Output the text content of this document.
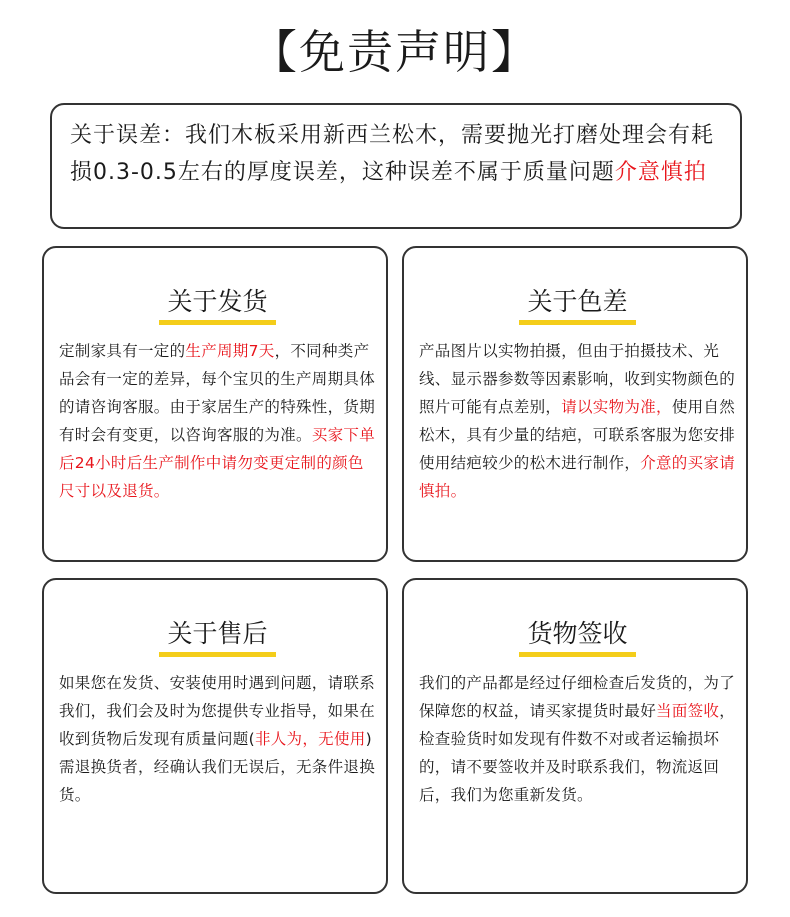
【免责声明】

关于误差：我们木板采用新西兰松木，需要抛光打磨处理会有耗损0.3-0.5左右的厚度误差，这种误差不属于质量问题介意慎拍

关于发货

定制家具有一定的生产周期7天，不同种类产品会有一定的差异，每个宝贝的生产周期具体的请咨询客服。由于家居生产的特殊性，货期有时会有变更，以咨询客服的为准。买家下单后24小时后生产制作中请勿变更定制的颜色尺寸以及退货。

关于色差

产品图片以实物拍摄，但由于拍摄技术、光线、显示器参数等因素影响，收到实物颜色的照片可能有点差别，请以实物为准，使用自然松木，具有少量的结疤，可联系客服为您安排使用结疤较少的松木进行制作，介意的买家请慎拍。

关于售后

如果您在发货、安装使用时遇到问题，请联系我们，我们会及时为您提供专业指导，如果在收到货物后发现有质量问题(非人为，无使用)需退换货者，经确认我们无误后，无条件退换货。

货物签收

我们的产品都是经过仔细检查后发货的，为了保障您的权益，请买家提货时最好当面签收，检查验货时如发现有件数不对或者运输损坏的，请不要签收并及时联系我们，物流返回后，我们为您重新发货。
